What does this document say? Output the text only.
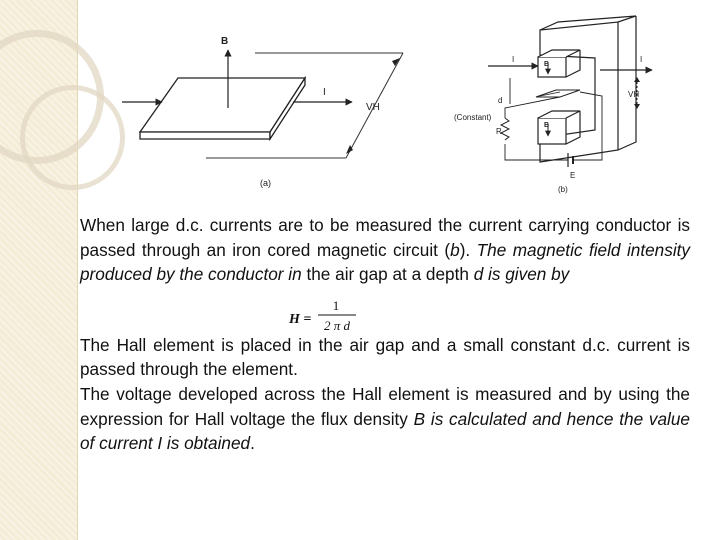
B
I
VH
(a)
I	I
B
B
VH
d
(Constant)
R
E
(b)

When large d.c. currents are to be measured the current carrying conductor is passed through an iron cored magnetic circuit (b). The magnetic field intensity produced by the conductor in the air gap at a depth d is given by

The Hall element is placed in the air gap and a small constant d.c. current is passed through the element.

The voltage developed across the Hall element is measured and by using the expression for Hall voltage the flux density B is calculated and hence the value of current I is obtained.

H =
1
2 π d
